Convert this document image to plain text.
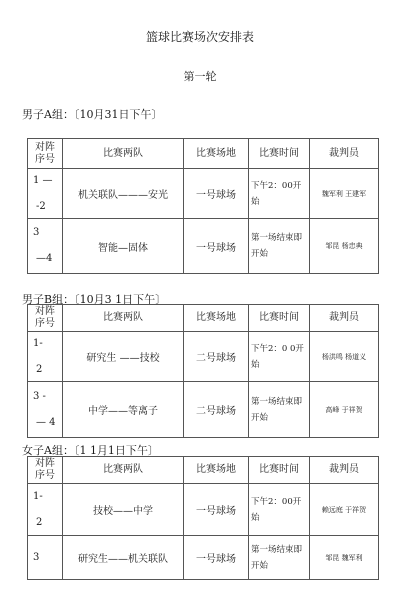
篮球比赛场次安排表
第一轮
男子A组：〔10月31日下午〕
对阵
序号	比赛两队	比赛场地	比赛时间	裁判员

1 —
-2	机关联队———安光	一号球场	下午2：00开始	魏军利 王建军

3
—4	智能—固体	一号球场	第一场结束即开始	邹昆 杨忠典
男子B组：〔10月3 1日下午〕
对阵
序号	比赛两队	比赛场地	比赛时间	裁判员

1-
2	研究生 ——技校	二号球场	下午2：0 0开始	杨洪鸣 杨道义

3 -
— 4	中学——等离子	二号球场	第一场结束即开始	高峰 于祥贺
女子A组：〔1 1月1日下午〕
对阵
序号	比赛两队	比赛场地	比赛时间	裁判员

1-
2	技校——中学	一号球场	下午2：00开始	赖远庭 于祥贺

3	研究生——机关联队	一号球场	第一场结束即开始	邹昆 魏军利
